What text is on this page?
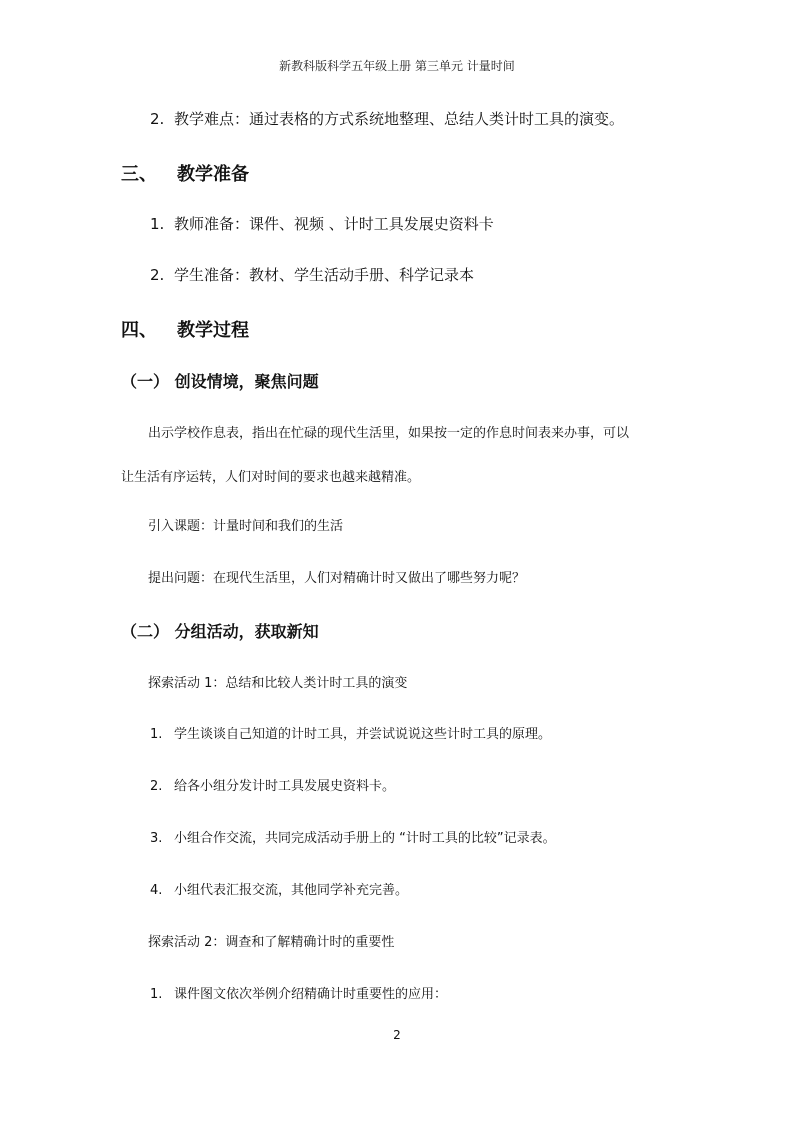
新教科版科学五年级上册 第三单元 计量时间
2. 教学难点：通过表格的方式系统地整理、总结人类计时工具的演变。
三、 教学准备
1. 教师准备：课件、视频 、计时工具发展史资料卡
2. 学生准备：教材、学生活动手册、科学记录本
四、 教学过程
（一） 创设情境，聚焦问题
出示学校作息表，指出在忙碌的现代生活里，如果按一定的作息时间表来办事，可以
让生活有序运转，人们对时间的要求也越来越精准。
引入课题：计量时间和我们的生活
提出问题：在现代生活里，人们对精确计时又做出了哪些努力呢？
（二） 分组活动，获取新知
探索活动 1：总结和比较人类计时工具的演变
1. 学生谈谈自己知道的计时工具，并尝试说说这些计时工具的原理。
2. 给各小组分发计时工具发展史资料卡。
3. 小组合作交流，共同完成活动手册上的 “计时工具的比较”记录表。
4. 小组代表汇报交流，其他同学补充完善。
探索活动 2：调查和了解精确计时的重要性
1. 课件图文依次举例介绍精确计时重要性的应用：
2
